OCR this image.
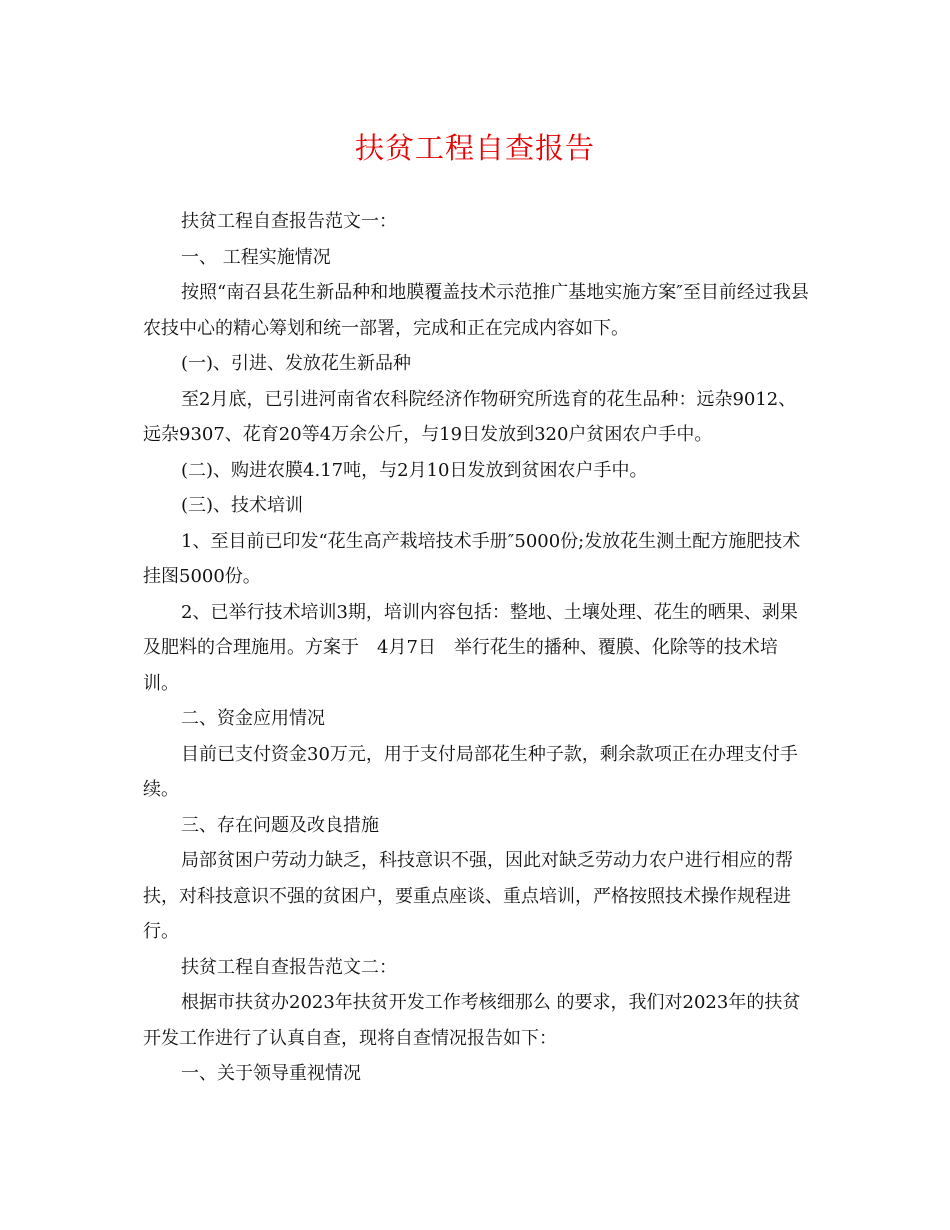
扶贫工程自查报告

扶贫工程自查报告范文一：

一、 工程实施情况

按照“南召县花生新品种和地膜覆盖技术示范推广基地实施方案″至目前经过我县农技中心的精心筹划和统一部署，完成和正在完成内容如下。

(一)、引进、发放花生新品种

至2月底，已引进河南省农科院经济作物研究所选育的花生品种：远杂9012、远杂9307、花育20等4万余公斤，与19日发放到320户贫困农户手中。

(二)、购进农膜4.17吨，与2月10日发放到贫困农户手中。

(三)、技术培训

1、至目前已印发“花生高产栽培技术手册″5000份;发放花生测土配方施肥技术挂图5000份。

2、已举行技术培训3期，培训内容包括：整地、土壤处理、花生的晒果、剥果及肥料的合理施用。方案于　4月7日　举行花生的播种、覆膜、化除等的技术培训。

二、资金应用情况

目前已支付资金30万元，用于支付局部花生种子款，剩余款项正在办理支付手续。

三、存在问题及改良措施

局部贫困户劳动力缺乏，科技意识不强，因此对缺乏劳动力农户进行相应的帮扶，对科技意识不强的贫困户，要重点座谈、重点培训，严格按照技术操作规程进行。

扶贫工程自查报告范文二：

根据市扶贫办2023年扶贫开发工作考核细那么 的要求，我们对2023年的扶贫开发工作进行了认真自查，现将自查情况报告如下：

一、关于领导重视情况
